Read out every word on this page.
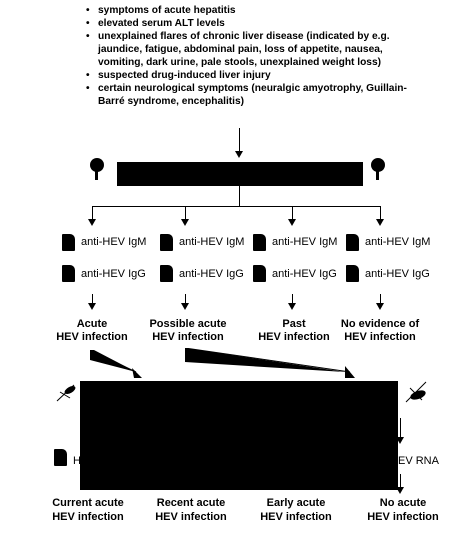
• symptoms of acute hepatitis
• elevated serum ALT levels
• unexplained flares of chronic liver disease (indicated by e.g. jaundice, fatigue, abdominal pain, loss of appetite, nausea, vomiting, dark urine, pale stools, unexplained weight loss)
• suspected drug-induced liver injury
• certain neurological symptoms (neuralgic amyotrophy, Guillain-Barré syndrome, encephalitis)
anti-HEV IgM
anti-HEV IgG
anti-HEV IgM
anti-HEV IgG
anti-HEV IgM
anti-HEV IgG
anti-HEV IgM
anti-HEV IgG
Acute
HEV infection
Possible acute
HEV infection
Past
HEV infection
No evidence of
HEV infection
H	EV RNA
Current acute
HEV infection
Recent acute
HEV infection
Early acute
HEV infection
No acute
HEV infection
